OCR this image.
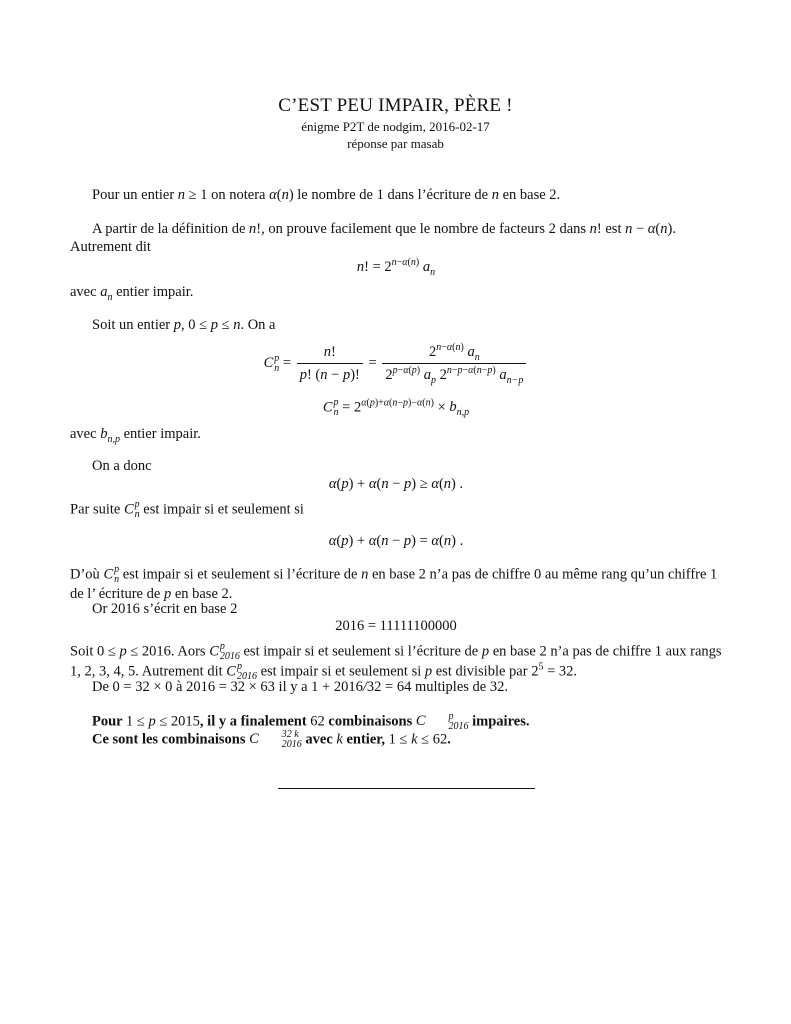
C’EST PEU IMPAIR, PÈRE !
énigme P2T de nodgim, 2016-02-17
réponse par masab

Pour un entier n ≥ 1 on notera α(n) le nombre de 1 dans l’écriture de n en base 2.

A partir de la définition de n!, on prouve facilement que le nombre de facteurs 2 dans n! est n − α(n). Autrement dit

n! = $2^{n-\alpha(n)}$ $a_n$

avec $a_n$ entier impair.

Soit un entier p, 0 ≤ p ≤ n. On a

C p
$n = \frac{n!}{p! (n - p)!} = \frac{2^{n-\alpha(n)} a_n}{2^{p-\alpha(p)} a_p 2^{n-p-\alpha(n-p)} a_{n-p}}$

C p
$n = 2^{\alpha(p)+\alpha(n-p)-\alpha(n)} \times b_{n,p}$

avec $b_{n,p}$ entier impair.

On a donc

α(p) + α(n − p) ≥ α(n) .

Par suite C p
n est impair si et seulement si

α(p) + α(n − p) = α(n) .

D’où C p
n est impair si et seulement si l’écriture de n en base 2 n’a pas de chiffre 0 au même rang qu’un chiffre 1 de l’ écriture de p en base 2.

Or 2016 s’écrit en base 2

2016 = 11111100000

Soit 0 ≤ p ≤ 2016. Aors C p
2016 est impair si et seulement si l’écriture de p en base 2 n’a pas de chiffre 1 aux rangs 1, 2, 3, 4, 5. Autrement dit C p
2016 est impair si et seulement si p est divisible par $2^5 = 32$.

De 0 = 32 × 0 à 2016 = 32 × 63 il y a 1 + 2016/32 = 64 multiples de 32.

Pour 1 ≤ p ≤ 2015, il y a finalement 62 combinaisons C	p
2016 impaires.

Ce sont les combinaisons C	32 k
2016 avec k entier, 1 ≤ k ≤ 62.
